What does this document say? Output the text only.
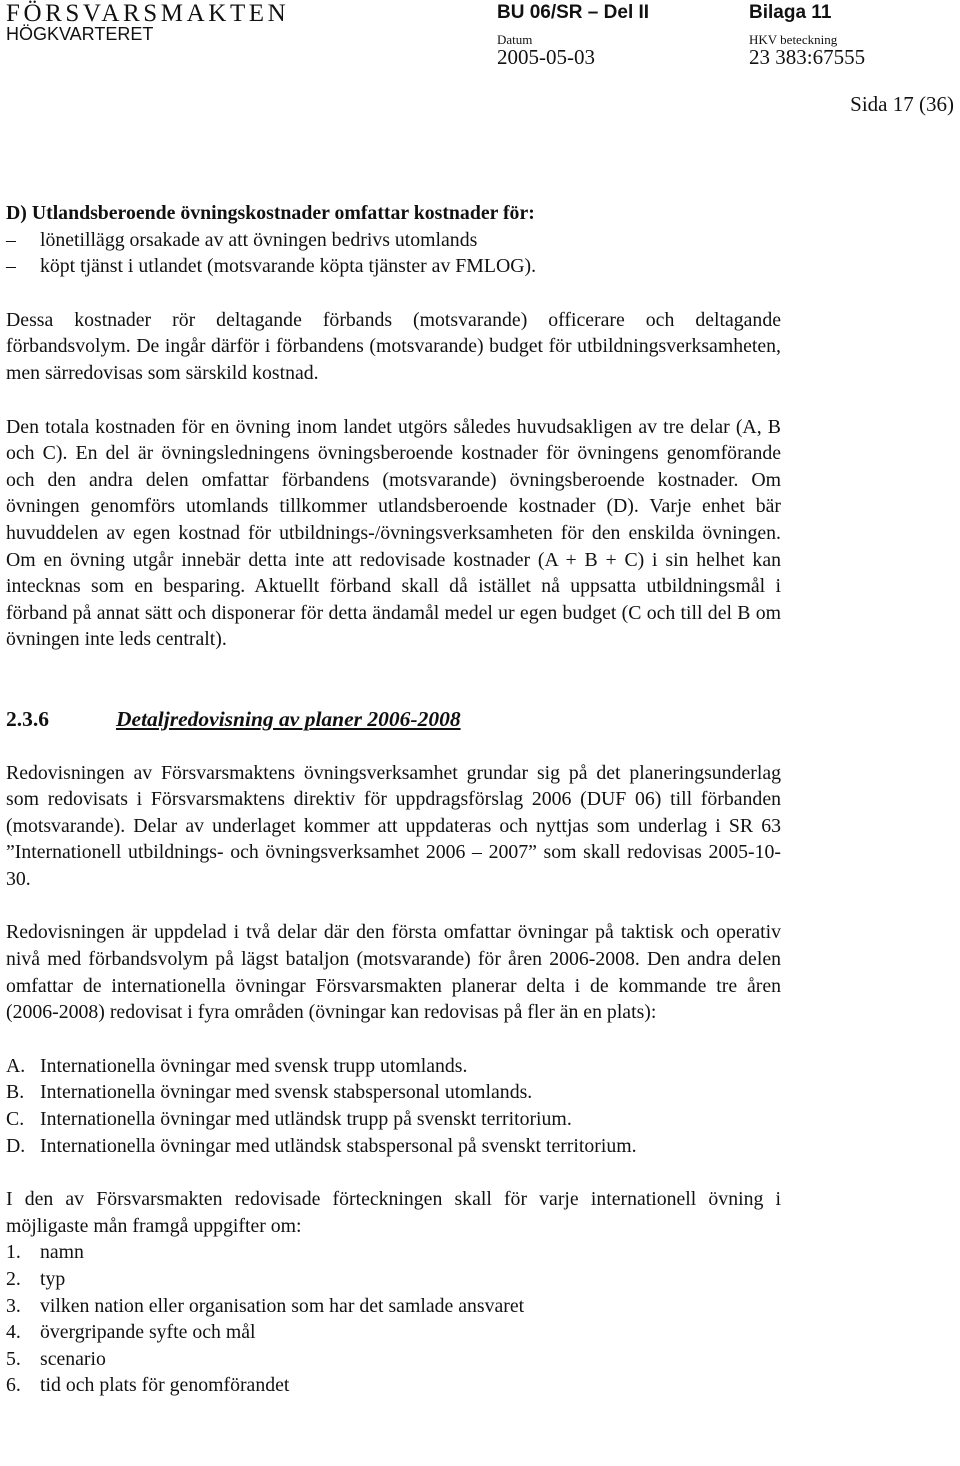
FÖRSVARSMAKTEN
HÖGKVARTERET
BU 06/SR – Del II	Bilaga 11
Datum
2005-05-03
HKV beteckning
23 383:67555
Sida 17 (36)

D) Utlandsberoende övningskostnader omfattar kostnader för:

–	lönetillägg orsakade av att övningen bedrivs utomlands
–	köpt tjänst i utlandet (motsvarande köpta tjänster av FMLOG).

Dessa kostnader rör deltagande förbands (motsvarande) officerare och deltagande förbandsvolym. De ingår därför i förbandens (motsvarande) budget för utbildningsverksamheten, men särredovisas som särskild kostnad.

Den totala kostnaden för en övning inom landet utgörs således huvudsakligen av tre delar (A, B och C). En del är övningsledningens övningsberoende kostnader för övningens genomförande och den andra delen omfattar förbandens (motsvarande) övningsberoende kostnader. Om övningen genomförs utomlands tillkommer utlandsberoende kostnader (D). Varje enhet bär huvuddelen av egen kostnad för utbildnings-/övningsverksamheten för den enskilda övningen. Om en övning utgår innebär detta inte att redovisade kostnader (A + B + C) i sin helhet kan intecknas som en besparing. Aktuellt förband skall då istället nå uppsatta utbildningsmål i förband på annat sätt och disponerar för detta ändamål medel ur egen budget (C och till del B om övningen inte leds centralt).

2.3.6	Detaljredovisning av planer 2006-2008

Redovisningen av Försvarsmaktens övningsverksamhet grundar sig på det planeringsunderlag som redovisats i Försvarsmaktens direktiv för uppdragsförslag 2006 (DUF 06) till förbanden (motsvarande). Delar av underlaget kommer att uppdateras och nyttjas som underlag i SR 63 ”Internationell utbildnings- och övningsverksamhet 2006 – 2007” som skall redovisas 2005-10-30.

Redovisningen är uppdelad i två delar där den första omfattar övningar på taktisk och operativ nivå med förbandsvolym på lägst bataljon (motsvarande) för åren 2006-2008. Den andra delen omfattar de internationella övningar Försvarsmakten planerar delta i de kommande tre åren (2006-2008) redovisat i fyra områden (övningar kan redovisas på fler än en plats):

A. Internationella övningar med svensk trupp utomlands.
B. Internationella övningar med svensk stabspersonal utomlands.
C. Internationella övningar med utländsk trupp på svenskt territorium.
D. Internationella övningar med utländsk stabspersonal på svenskt territorium.

I den av Försvarsmakten redovisade förteckningen skall för varje internationell övning i möjligaste mån framgå uppgifter om:

1. namn
2. typ
3. vilken nation eller organisation som har det samlade ansvaret
4. övergripande syfte och mål
5. scenario
6. tid och plats för genomförandet
